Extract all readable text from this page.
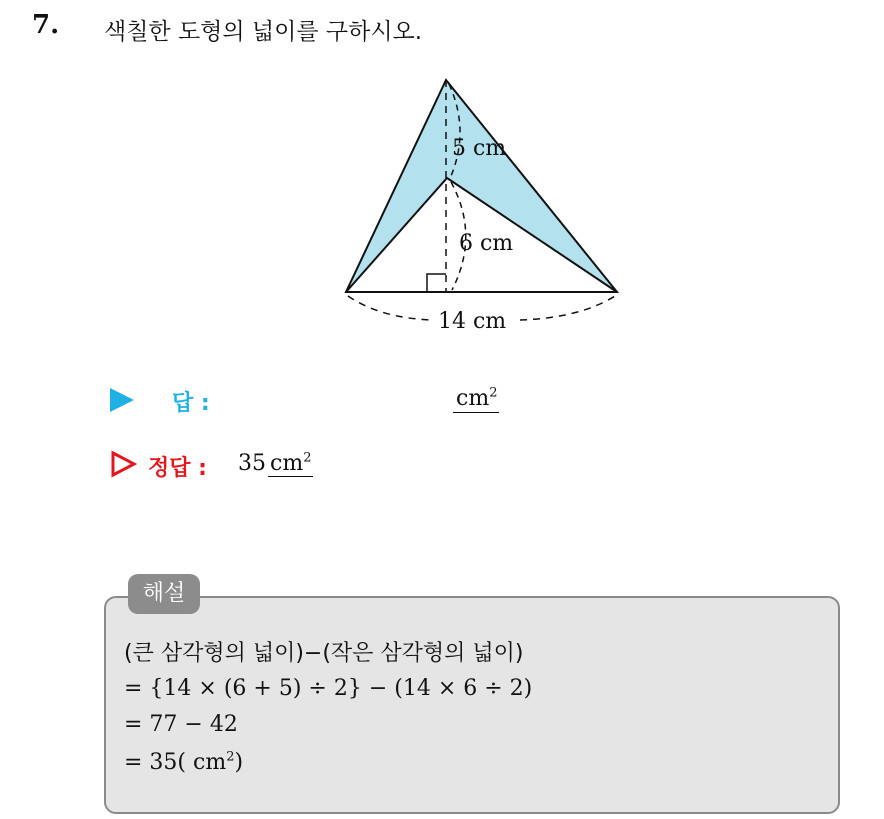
7. 색칠한 도형의 넓이를 구하시오.
5 cm
6 cm
14 cm
답 :	$cm^2$
정답 : 35 $cm^2$
해설
(큰 삼각형의 넓이)−(작은 삼각형의 넓이)
= {14 × (6 + 5) ÷ 2} − (14 × 6 ÷ 2)
= 77 − 42
= 35( $cm^2$)
